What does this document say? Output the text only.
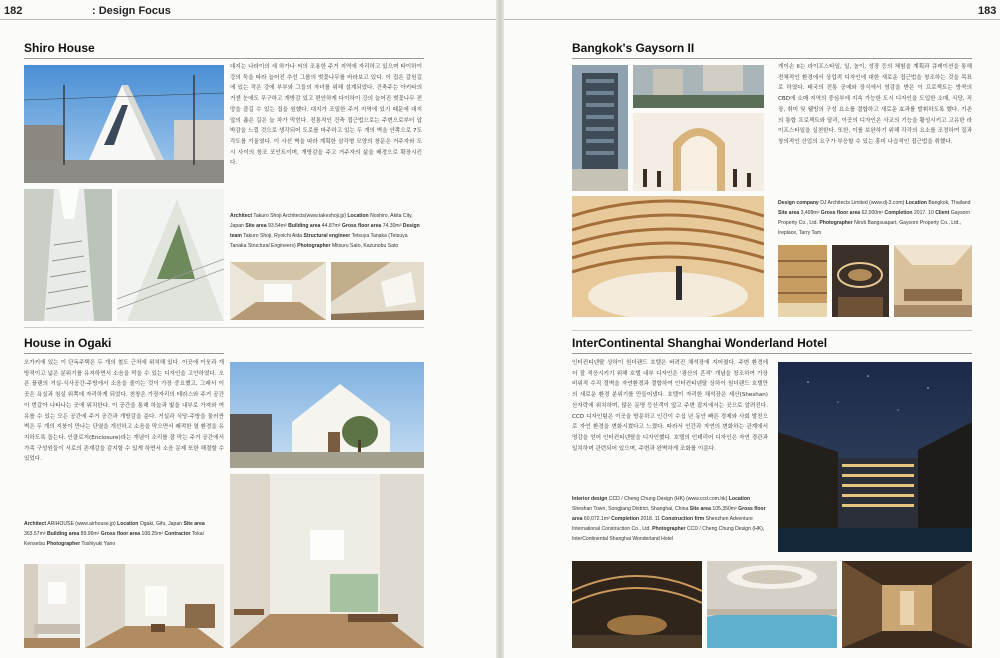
182	: Design Focus	183
Shiro House

대지는 나라이의 세 하가나 씨의 조용한 주거 지역에 자리하고 있으며 타이하이 강의 둑을 따라 늘어진 추선 그룹의 벚꽃나무를 바라보고 있다. 이 집은 갈원길에 있는 작은 강에 부부와 그들의 자녀를 위해 설계되었다. 건축주는 아키타의 거센 눈에도 무구하고 개방감 있고 편안하게 다이하이 강의 늘어진 벚꽃나무 전망을 즐길 수 있는 집을 원했다. 대지가 조밀한 주거 지역에 있기 때문에 대지 앞의 좁은 길은 늘 차가 막힌다. 전통적인 건축 접근법으로는 주변으로부터 압박감을 느낄 것으로 생각되어 도로를 마주하고 있는 두 개의 벽을 안쪽으로 7도 각도를 기울였다. 이 사선 벽을 따라 계획한 삼각형 모양의 창문은 거주자와 도시 사이의 창조 포인트이며, 개방감을 주고 거주자의 삶을 배경으로 확장시킨다.

Architect Takuro Shoji Architects(www.takeshoji.jp) Location Noshiro, Akita City, Japan Site area 93.54m² Building area 44.87m² Gross floor area 74.30m² Design team Takuro Shoji, Ryoichi Aida Structural engineer Tetsuya Tanaka (Tetsuya Tanaka Structural Engineers) Photographer Mitsuru Sato, Kazunobu Sato

House in Ogaki

오가키에 있는 이 단독주택은 두 개의 철도 근처에 위치해 있다. 이곳에 이웃과 개방적이고 넓은 분위기를 유지하면서 소음을 막을 수 있는 디자인을 고안하였다. 오픈 플랜의 거실-식사공간-주방에서 소음을 줄이는 것이 가장 중요했고, 그래서 이곳은 욕실과 침실 위쪽에 자리하게 되었다. 천창은 가장자리의 테라스와 주거 공간이 번갈아 나타나는 곳에 위치한다. 이 공간을 통해 하늘과 빛을 내부로 가져와 여유를 수 있는 모든 공간에 주거 공간과 개방감을 준다. 거실과 식당-주방을 둘러싼 벽은 두 개의 지붕이 만나는 단열을 개선하고 소음을 막으면서 쾌적한 열 환경을 유지하도록 돕는다. 인클로저(Enclosure)라는 개념이 소리를 잘 막는 주거 공간에서 가족 구성원들이 서로의 존재감을 감지할 수 있게 하면서 소음 문제 또한 해결할 수 있었다.

Architect ARIHOUSE (www.airhouse.jp) Location Ogaki, Gifu, Japan Site area 363.57m² Building area 89.96m² Gross floor area 108.25m² Contractor Tokai Kensetsu Photographer Toshiyuki Yano

Bangkok's Gaysorn II

게이손 II는 라이프스타일, 일, 놀이, 성장 등의 체험을 계획과 큐레이션을 통해 전체적인 환경에서 상업적 디자인에 대한 새로운 접근법을 창조하는 것을 목표로 하였다. 태국의 전통 공예와 장식에서 영감을 받은 이 프로젝트는 방콕의 CBD에 소매 지역의 중심부에 지속 가능한 도시 디자인을 도입한 소매, 식당, 직장, 취미 및 웰빙의 구성 요소를 결합하고 새로운 효과를 발휘하도록 했다. 기존의 통합 프로젝트와 달리, 이곳의 디자인은 사교의 기능을 활성시키고 고유한 라이프스타일을 실천한다. 또한, 이를 보완하기 위해 각각의 요소를 조정하여 질과 창의적인 산업의 요구가 부응할 수 있는 흥미 나습적인 접근법을 취했다.

Design company DJ Architects Limited (www.dj-3.com) Location Bangkok, Thailand Site area 3,499m² Gross floor area 62,000m² Completion 2017. 10 Client Gaysorn Property Co., Ltd. Photographer Niruti Bangsuapart, Gaysorn Property Co., Ltd., Ireplace, Tarry Tam

InterContinental Shanghai Wonderland Hotel

인터컨티넨탈 상하이 원더랜드 호텔은 버려진 채석장에 지어졌다. 주변 환경에 더 잘 적응시키기 위해 호텔 내부 디자인은 '광산의 흔적' 개념을 창조하여 가장 비위적 수직 절벽을 자연환경과 결합하여 인터컨티넨탈 상하이 원더랜드 호텔만의 새로운 환경 분위기를 만들어냈다. 호텔이 자리한 채석장은 세산(Sheshan) 산자락에 위치하며, 많은 문명 등산객이 앞고 주변 잡지에서는 곳으로 알려진다. CCD 디자인팀은 이곳을 방문하고 인간이 수십 년 동안 빠른 경제와 사회 발전으로 자연 환경을 변화시켰다고 느꼈다. 따라서 인간과 자연의 변화하는 관계에서 영감을 얻어 인터컨티넨탈을 디자인했다. 호텔의 인테리어 디자인은 자연 경관과 일치하며 관련되어 있으며, 주변과 완벽하게 조화를 이룬다.

Interior design CCD / Cheng Chung Design (HK) (www.ccd.com.hk) Location Sheshan Town, Songjiang District, Shanghai, China Site area 105,350m² Gross floor area 60,072.1m² Completion 2018. 11 Construction firm Shenzhen Adventure International Construction Co., Ltd. Photographer CCD / Cheng Chung Design (HK), InterContinental Shanghai Wonderland Hotel
